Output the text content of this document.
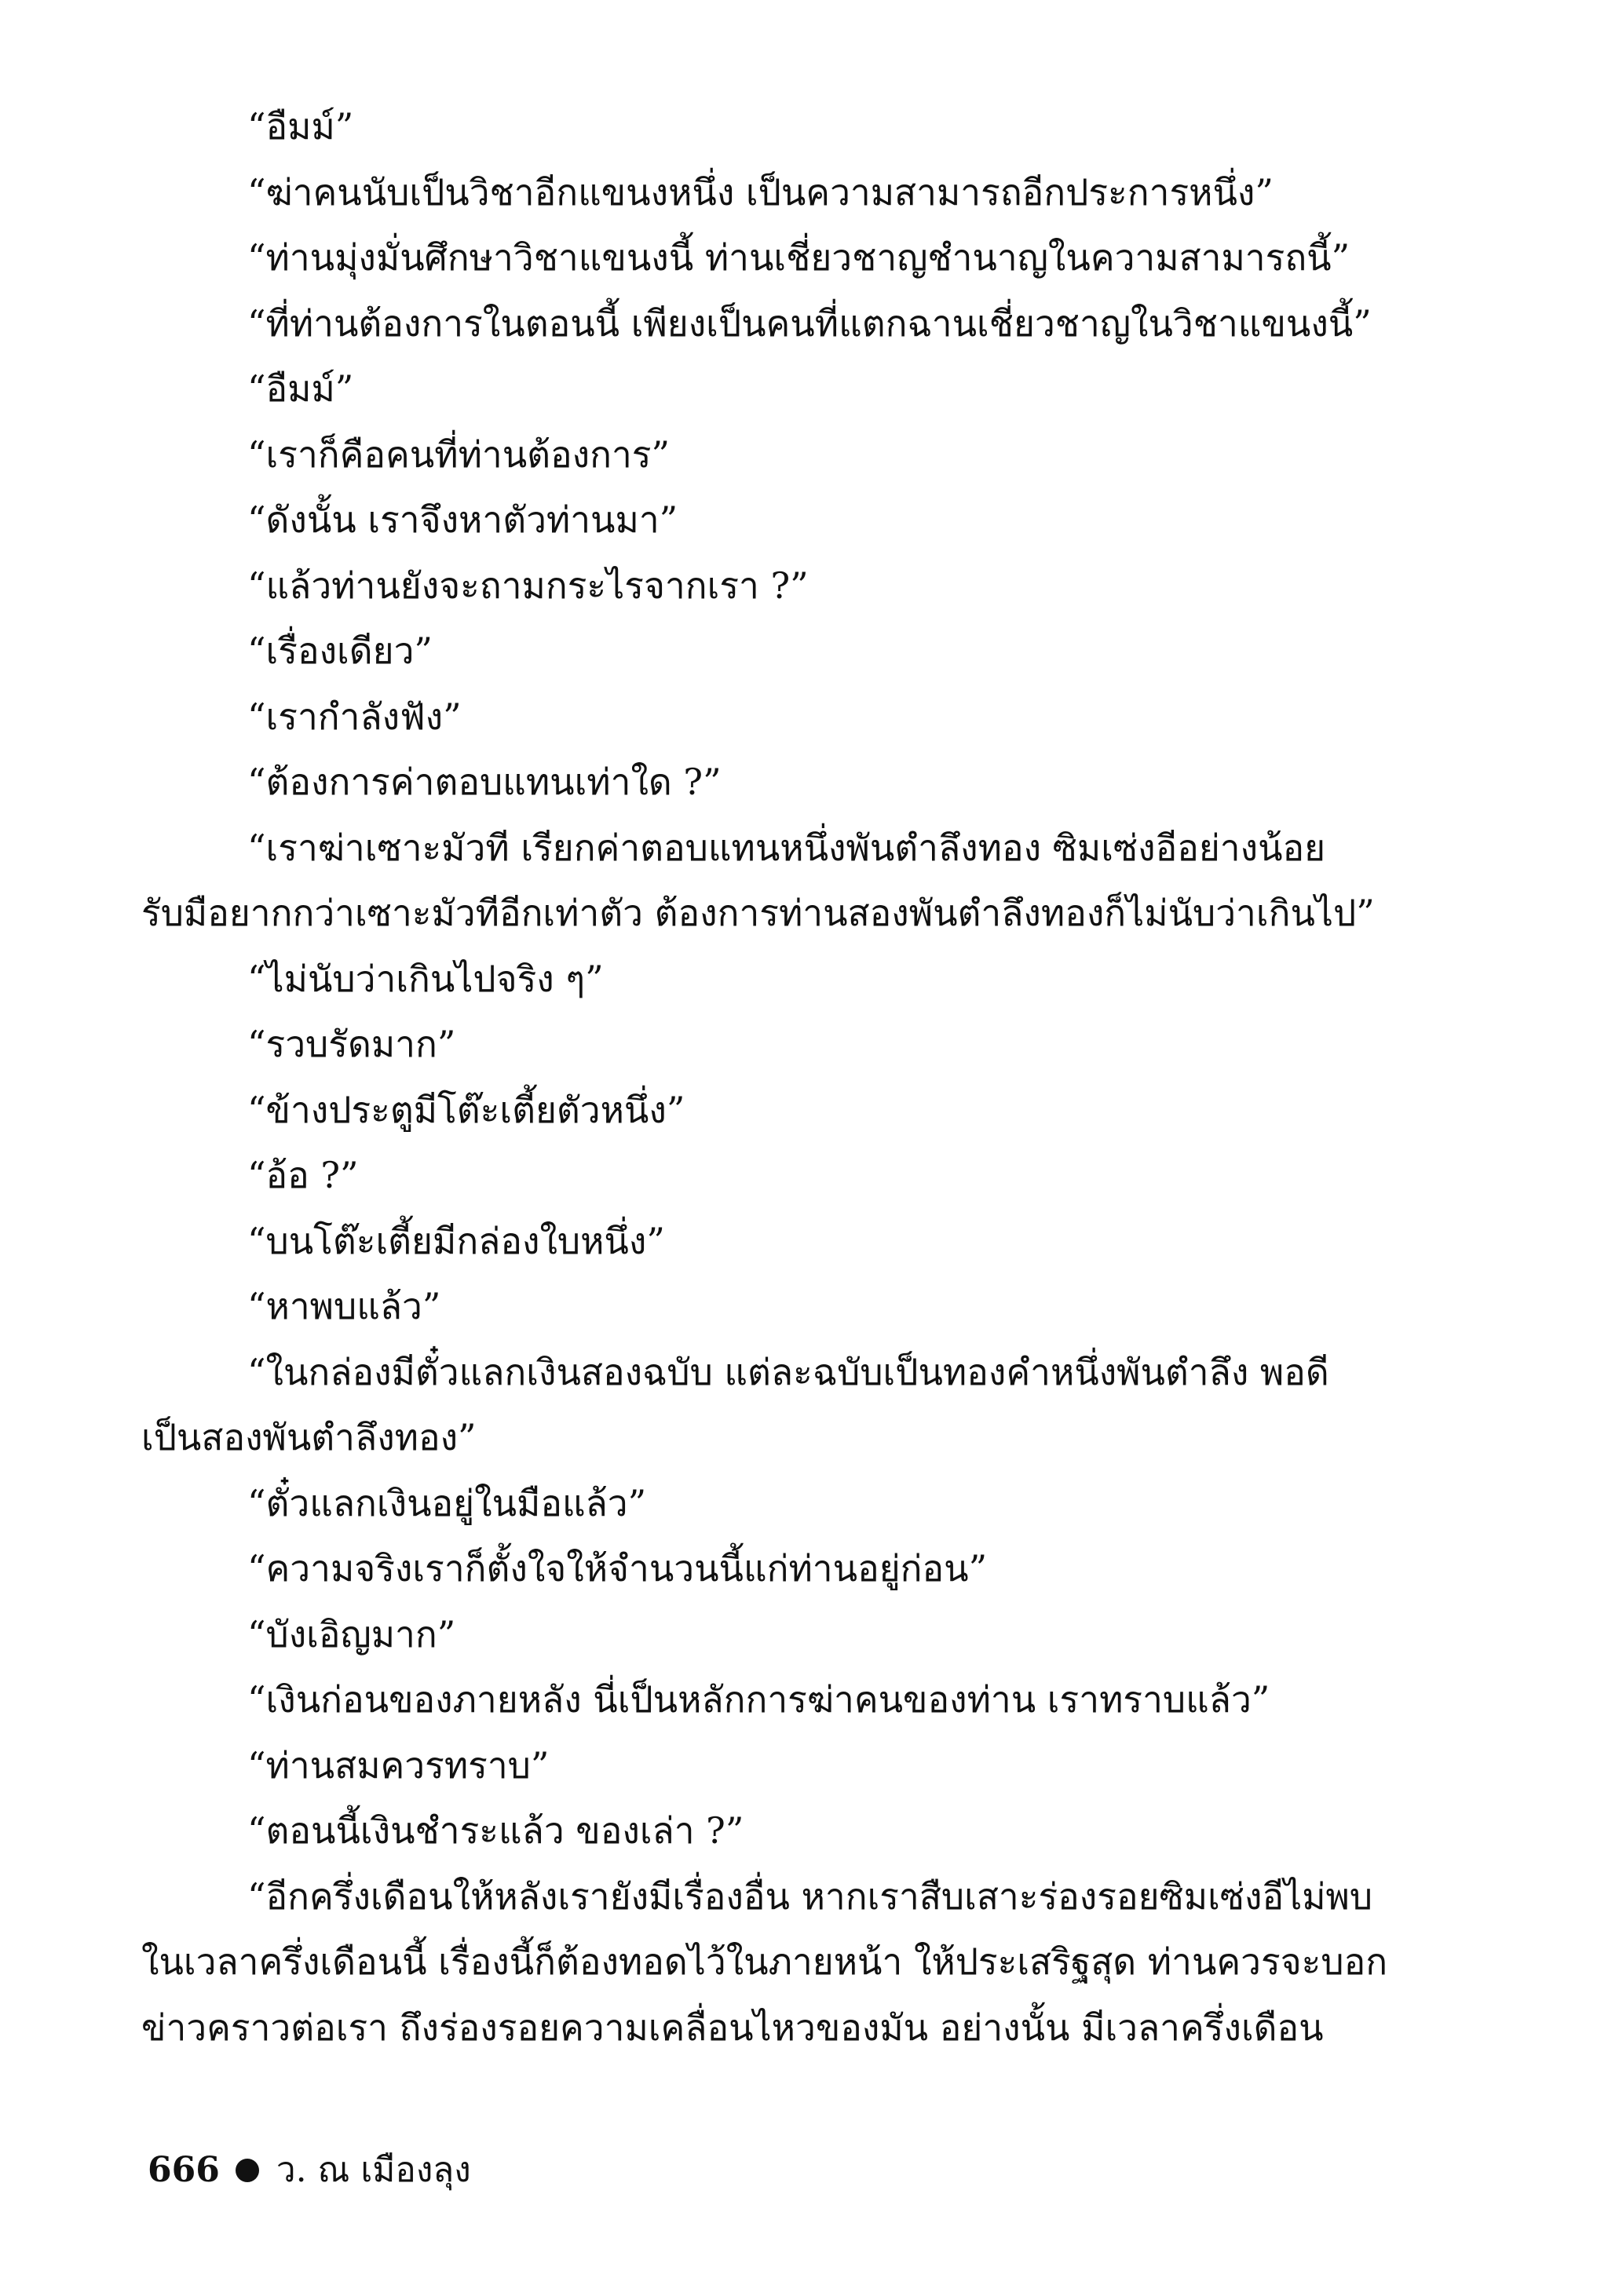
“อืมม์”

“ฆ่าคนนับเป็นวิชาอีกแขนงหนึ่ง เป็นความสามารถอีกประการหนึ่ง”

“ท่านมุ่งมั่นศึกษาวิชาแขนงนี้ ท่านเชี่ยวชาญชำนาญในความสามารถนี้”

“ที่ท่านต้องการในตอนนี้ เพียงเป็นคนที่แตกฉานเชี่ยวชาญในวิชาแขนงนี้”

“อืมม์”

“เราก็คือคนที่ท่านต้องการ”

“ดังนั้น เราจึงหาตัวท่านมา”

“แล้วท่านยังจะถามกระไรจากเรา ?”

“เรื่องเดียว”

“เรากำลังฟัง”

“ต้องการค่าตอบแทนเท่าใด ?”

“เราฆ่าเซาะมัวที เรียกค่าตอบแทนหนึ่งพันตำลึงทอง ซิมเซ่งอีอย่างน้อย

รับมือยากกว่าเซาะมัวทีอีกเท่าตัว ต้องการท่านสองพันตำลึงทองก็ไม่นับว่าเกินไป”

“ไม่นับว่าเกินไปจริง ๆ”

“รวบรัดมาก”

“ข้างประตูมีโต๊ะเตี้ยตัวหนึ่ง”

“อ้อ ?”

“บนโต๊ะเตี้ยมีกล่องใบหนึ่ง”

“หาพบแล้ว”

“ในกล่องมีตั๋วแลกเงินสองฉบับ แต่ละฉบับเป็นทองคำหนึ่งพันตำลึง พอดี

เป็นสองพันตำลึงทอง”

“ตั๋วแลกเงินอยู่ในมือแล้ว”

“ความจริงเราก็ตั้งใจให้จำนวนนี้แก่ท่านอยู่ก่อน”

“บังเอิญมาก”

“เงินก่อนของภายหลัง นี่เป็นหลักการฆ่าคนของท่าน เราทราบแล้ว”

“ท่านสมควรทราบ”

“ตอนนี้เงินชำระแล้ว ของเล่า ?”

“อีกครึ่งเดือนให้หลังเรายังมีเรื่องอื่น หากเราสืบเสาะร่องรอยซิมเซ่งอีไม่พบ

ในเวลาครึ่งเดือนนี้ เรื่องนี้ก็ต้องทอดไว้ในภายหน้า ให้ประเสริฐสุด ท่านควรจะบอก

ข่าวคราวต่อเรา ถึงร่องรอยความเคลื่อนไหวของมัน อย่างนั้น มีเวลาครึ่งเดือน

666 ว. ณ เมืองลุง
